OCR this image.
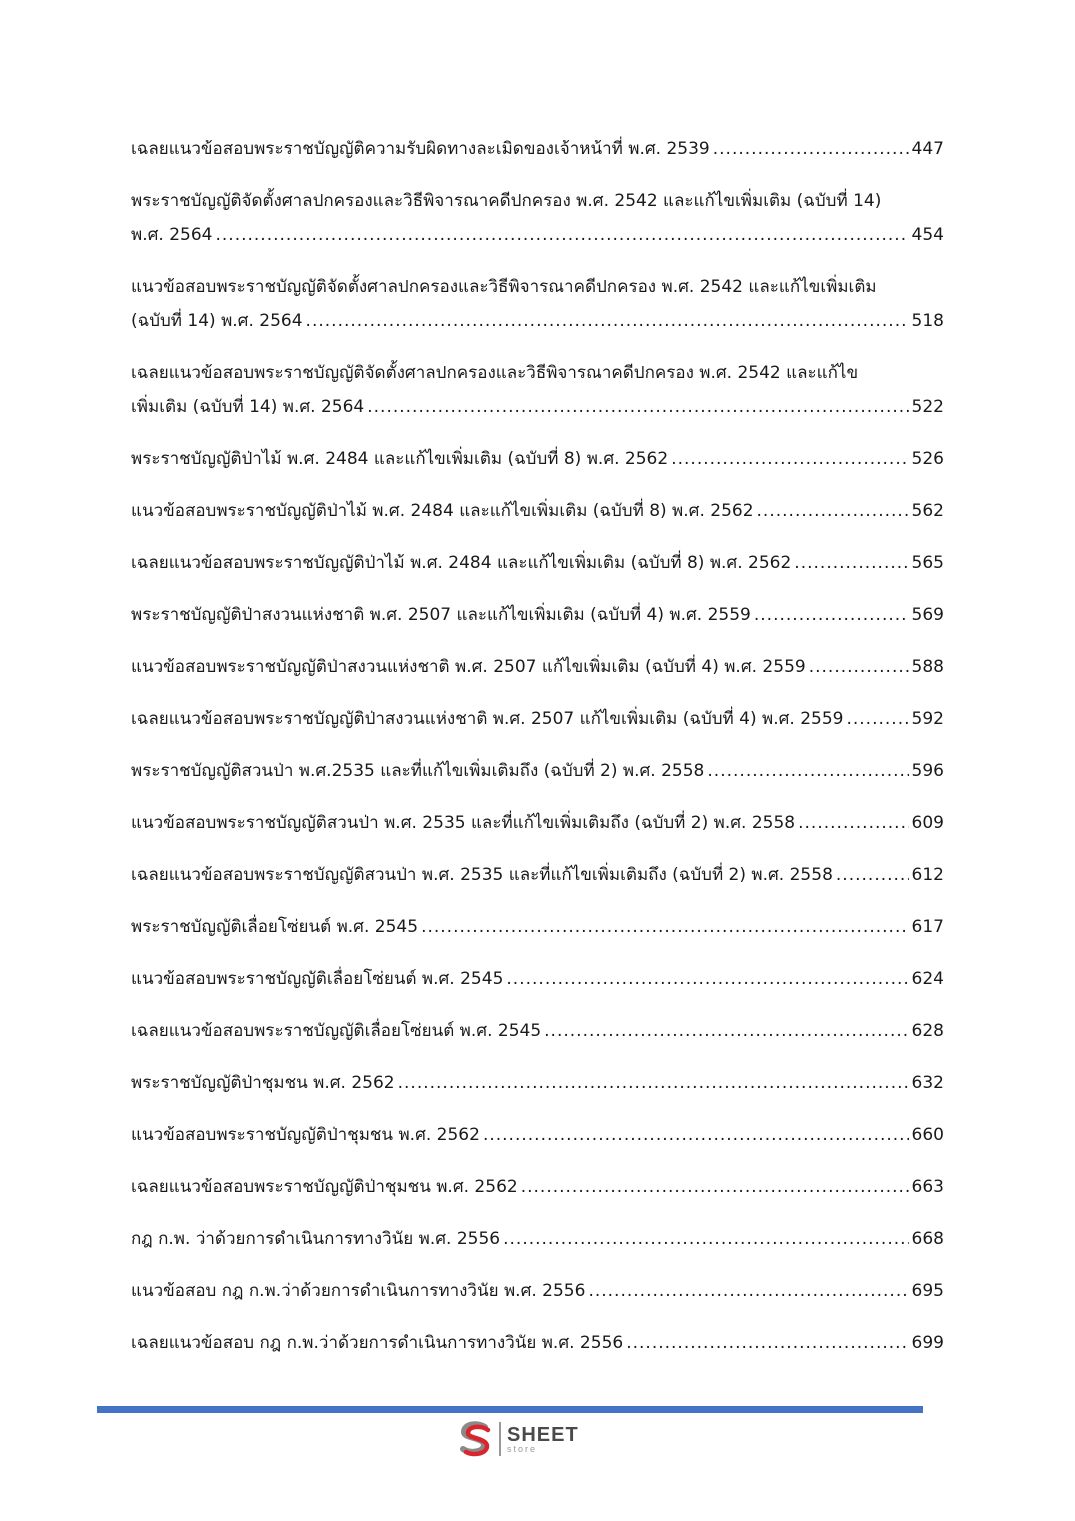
เฉลยแนวข้อสอบพระราชบัญญัติความรับผิดทางละเมิดของเจ้าหน้าที่ พ.ศ. 2539 .....	447
พระราชบัญญัติจัดตั้งศาลปกครองและวิธีพิจารณาคดีปกครอง พ.ศ. 2542 และแก้ไขเพิ่มเติม (ฉบับที่ 14)
พ.ศ. 2564 .....	454
แนวข้อสอบพระราชบัญญัติจัดตั้งศาลปกครองและวิธีพิจารณาคดีปกครอง พ.ศ. 2542 และแก้ไขเพิ่มเติม
(ฉบับที่ 14) พ.ศ. 2564 .....	518
เฉลยแนวข้อสอบพระราชบัญญัติจัดตั้งศาลปกครองและวิธีพิจารณาคดีปกครอง พ.ศ. 2542 และแก้ไข
เพิ่มเติม (ฉบับที่ 14) พ.ศ. 2564 .....	522
พระราชบัญญัติป่าไม้ พ.ศ. 2484 และแก้ไขเพิ่มเติม (ฉบับที่ 8) พ.ศ. 2562 .....	526
แนวข้อสอบพระราชบัญญัติป่าไม้ พ.ศ. 2484 และแก้ไขเพิ่มเติม (ฉบับที่ 8) พ.ศ. 2562 .....	562
เฉลยแนวข้อสอบพระราชบัญญัติป่าไม้ พ.ศ. 2484 และแก้ไขเพิ่มเติม (ฉบับที่ 8) พ.ศ. 2562 .....	565
พระราชบัญญัติป่าสงวนแห่งชาติ พ.ศ. 2507 และแก้ไขเพิ่มเติม (ฉบับที่ 4) พ.ศ. 2559 .....	569
แนวข้อสอบพระราชบัญญัติป่าสงวนแห่งชาติ พ.ศ. 2507 แก้ไขเพิ่มเติม (ฉบับที่ 4) พ.ศ. 2559 .....	588
เฉลยแนวข้อสอบพระราชบัญญัติป่าสงวนแห่งชาติ พ.ศ. 2507 แก้ไขเพิ่มเติม (ฉบับที่ 4) พ.ศ. 2559 .....	592
พระราชบัญญัติสวนป่า พ.ศ.2535 และที่แก้ไขเพิ่มเติมถึง (ฉบับที่ 2) พ.ศ. 2558 .....	596
แนวข้อสอบพระราชบัญญัติสวนป่า พ.ศ. 2535 และที่แก้ไขเพิ่มเติมถึง (ฉบับที่ 2) พ.ศ. 2558 .....	609
เฉลยแนวข้อสอบพระราชบัญญัติสวนป่า พ.ศ. 2535 และที่แก้ไขเพิ่มเติมถึง (ฉบับที่ 2) พ.ศ. 2558 .....	612
พระราชบัญญัติเลื่อยโซ่ยนต์ พ.ศ. 2545 .....	617
แนวข้อสอบพระราชบัญญัติเลื่อยโซ่ยนต์ พ.ศ. 2545 .....	624
เฉลยแนวข้อสอบพระราชบัญญัติเลื่อยโซ่ยนต์ พ.ศ. 2545 .....	628
พระราชบัญญัติป่าชุมชน พ.ศ. 2562 .....	632
แนวข้อสอบพระราชบัญญัติป่าชุมชน พ.ศ. 2562 .....	660
เฉลยแนวข้อสอบพระราชบัญญัติป่าชุมชน พ.ศ. 2562 .....	663
กฎ ก.พ. ว่าด้วยการดำเนินการทางวินัย พ.ศ. 2556 .....	668
แนวข้อสอบ กฎ ก.พ.ว่าด้วยการดำเนินการทางวินัย พ.ศ. 2556 .....	695
เฉลยแนวข้อสอบ กฎ ก.พ.ว่าด้วยการดำเนินการทางวินัย พ.ศ. 2556 .....	699
SHEET
store
